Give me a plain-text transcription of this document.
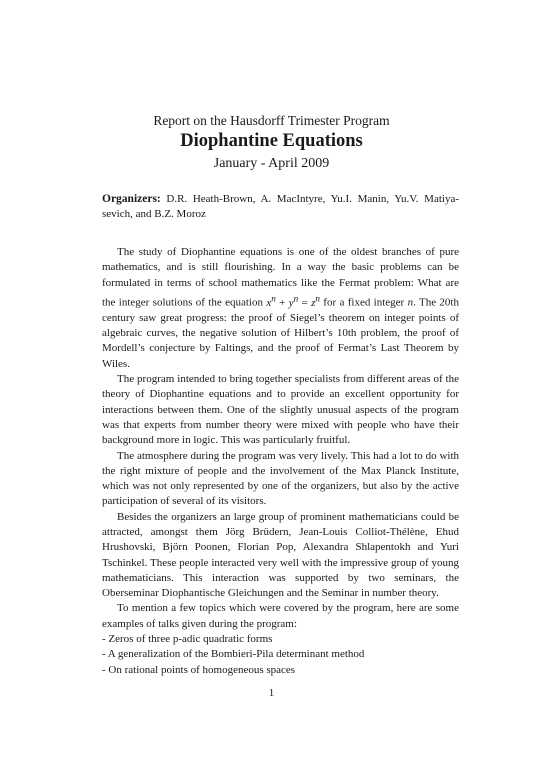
Report on the Hausdorff Trimester Program
Diophantine Equations
January - April 2009
Organizers: D.R. Heath-Brown, A. MacIntyre, Yu.I. Manin, Yu.V. Matiya-sevich, and B.Z. Moroz

The study of Diophantine equations is one of the oldest branches of pure mathematics, and is still flourishing. In a way the basic problems can be formulated in terms of school mathematics like the Fermat problem: What are the integer solutions of the equation $x^n + y^n = z^n$ for a fixed integer n. The 20th century saw great progress: the proof of Siegel’s theorem on integer points of algebraic curves, the negative solution of Hilbert’s 10th problem, the proof of Mordell’s conjecture by Faltings, and the proof of Fermat’s Last Theorem by Wiles.

The program intended to bring together specialists from different areas of the theory of Diophantine equations and to provide an excellent opportunity for interactions between them. One of the slightly unusual aspects of the program was that experts from number theory were mixed with people who have their background more in logic. This was particularly fruitful.

The atmosphere during the program was very lively. This had a lot to do with the right mixture of people and the involvement of the Max Planck Institute, which was not only represented by one of the organizers, but also by the active participation of several of its visitors.

Besides the organizers an large group of prominent mathematicians could be attracted, amongst them Jörg Brüdern, Jean-Louis Colliot-Thélène, Ehud Hrushovski, Björn Poonen, Florian Pop, Alexandra Shlapentokh and Yuri Tschinkel. These people interacted very well with the impressive group of young mathematicians. This interaction was supported by two seminars, the Oberseminar Diophantische Gleichungen and the Seminar in number theory.

To mention a few topics which were covered by the program, here are some examples of talks given during the program:

- Zeros of three p-adic quadratic forms
- A generalization of the Bombieri-Pila determinant method
- On rational points of homogeneous spaces
1
